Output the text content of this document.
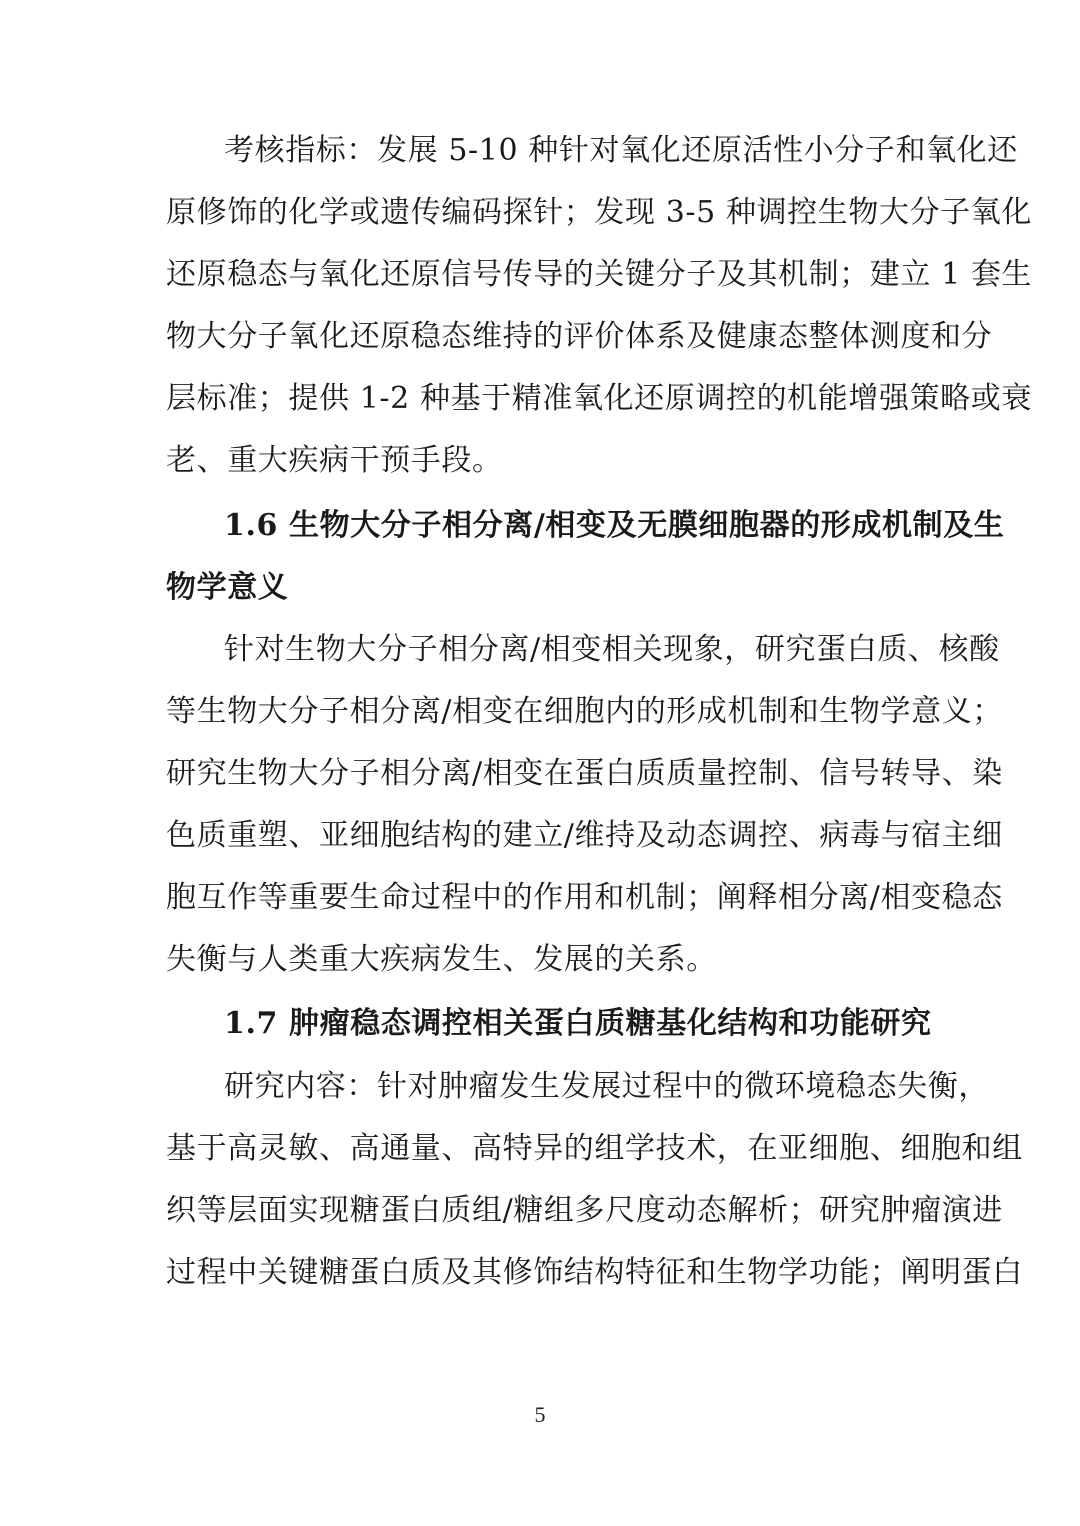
考核指标：发展 5-10 种针对氧化还原活性小分子和氧化还
原修饰的化学或遗传编码探针；发现 3-5 种调控生物大分子氧化
还原稳态与氧化还原信号传导的关键分子及其机制；建立 1 套生
物大分子氧化还原稳态维持的评价体系及健康态整体测度和分
层标准；提供 1-2 种基于精准氧化还原调控的机能增强策略或衰
老、重大疾病干预手段。
1.6 生物大分子相分离/相变及无膜细胞器的形成机制及生
物学意义
针对生物大分子相分离/相变相关现象，研究蛋白质、核酸
等生物大分子相分离/相变在细胞内的形成机制和生物学意义；
研究生物大分子相分离/相变在蛋白质质量控制、信号转导、染
色质重塑、亚细胞结构的建立/维持及动态调控、病毒与宿主细
胞互作等重要生命过程中的作用和机制；阐释相分离/相变稳态
失衡与人类重大疾病发生、发展的关系。
1.7 肿瘤稳态调控相关蛋白质糖基化结构和功能研究
研究内容：针对肿瘤发生发展过程中的微环境稳态失衡，
基于高灵敏、高通量、高特异的组学技术，在亚细胞、细胞和组
织等层面实现糖蛋白质组/糖组多尺度动态解析；研究肿瘤演进
过程中关键糖蛋白质及其修饰结构特征和生物学功能；阐明蛋白
5
